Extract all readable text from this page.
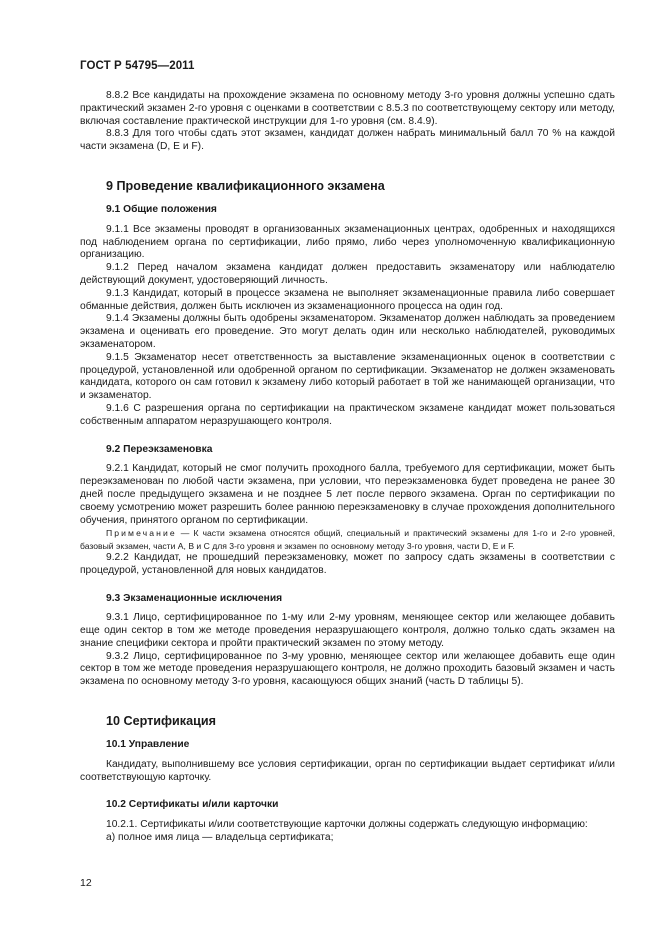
ГОСТ Р 54795—2011

8.8.2 Все кандидаты на прохождение экзамена по основному методу 3-го уровня должны успешно сдать практический экзамен 2-го уровня с оценками в соответствии с 8.5.3 по соответствующему сектору или методу, включая составление практической инструкции для 1-го уровня (см. 8.4.9).

8.8.3 Для того чтобы сдать этот экзамен, кандидат должен набрать минимальный балл 70 % на каждой части экзамена (D, E и F).

9 Проведение квалификационного экзамена
9.1 Общие положения

9.1.1 Все экзамены проводят в организованных экзаменационных центрах, одобренных и находящихся под наблюдением органа по сертификации, либо прямо, либо через уполномоченную квалификационную организацию.

9.1.2 Перед началом экзамена кандидат должен предоставить экзаменатору или наблюдателю действующий документ, удостоверяющий личность.

9.1.3 Кандидат, который в процессе экзамена не выполняет экзаменационные правила либо совершает обманные действия, должен быть исключен из экзаменационного процесса на один год.

9.1.4 Экзамены должны быть одобрены экзаменатором. Экзаменатор должен наблюдать за проведением экзамена и оценивать его проведение. Это могут делать один или несколько наблюдателей, руководимых экзаменатором.

9.1.5 Экзаменатор несет ответственность за выставление экзаменационных оценок в соответствии с процедурой, установленной или одобренной органом по сертификации. Экзаменатор не должен экзаменовать кандидата, которого он сам готовил к экзамену либо который работает в той же нанимающей организации, что и экзаменатор.

9.1.6 С разрешения органа по сертификации на практическом экзамене кандидат может пользоваться собственным аппаратом неразрушающего контроля.

9.2 Переэкзаменовка

9.2.1 Кандидат, который не смог получить проходного балла, требуемого для сертификации, может быть переэкзаменован по любой части экзамена, при условии, что переэкзаменовка будет проведена не ранее 30 дней после предыдущего экзамена и не позднее 5 лет после первого экзамена. Орган по сертификации по своему усмотрению может разрешить более раннюю переэкзаменовку в случае прохождения дополнительного обучения, принятого органом по сертификации.

Примечание — К части экзамена относятся общий, специальный и практический экзамены для 1-го и 2-го уровней, базовый экзамен, части A, B и C для 3-го уровня и экзамен по основному методу 3-го уровня, части D, E и F.

9.2.2 Кандидат, не прошедший переэкзаменовку, может по запросу сдать экзамены в соответствии с процедурой, установленной для новых кандидатов.

9.3 Экзаменационные исключения

9.3.1 Лицо, сертифицированное по 1-му или 2-му уровням, меняющее сектор или желающее добавить еще один сектор в том же методе проведения неразрушающего контроля, должно только сдать экзамен на знание специфики сектора и пройти практический экзамен по этому методу.

9.3.2 Лицо, сертифицированное по 3-му уровню, меняющее сектор или желающее добавить еще один сектор в том же методе проведения неразрушающего контроля, не должно проходить базовый экзамен и часть экзамена по основному методу 3-го уровня, касающуюся общих знаний (часть D таблицы 5).

10 Сертификация
10.1 Управление

Кандидату, выполнившему все условия сертификации, орган по сертификации выдает сертификат и/или соответствующую карточку.

10.2 Сертификаты и/или карточки

10.2.1. Сертификаты и/или соответствующие карточки должны содержать следующую информацию:

а) полное имя лица — владельца сертификата;

12
